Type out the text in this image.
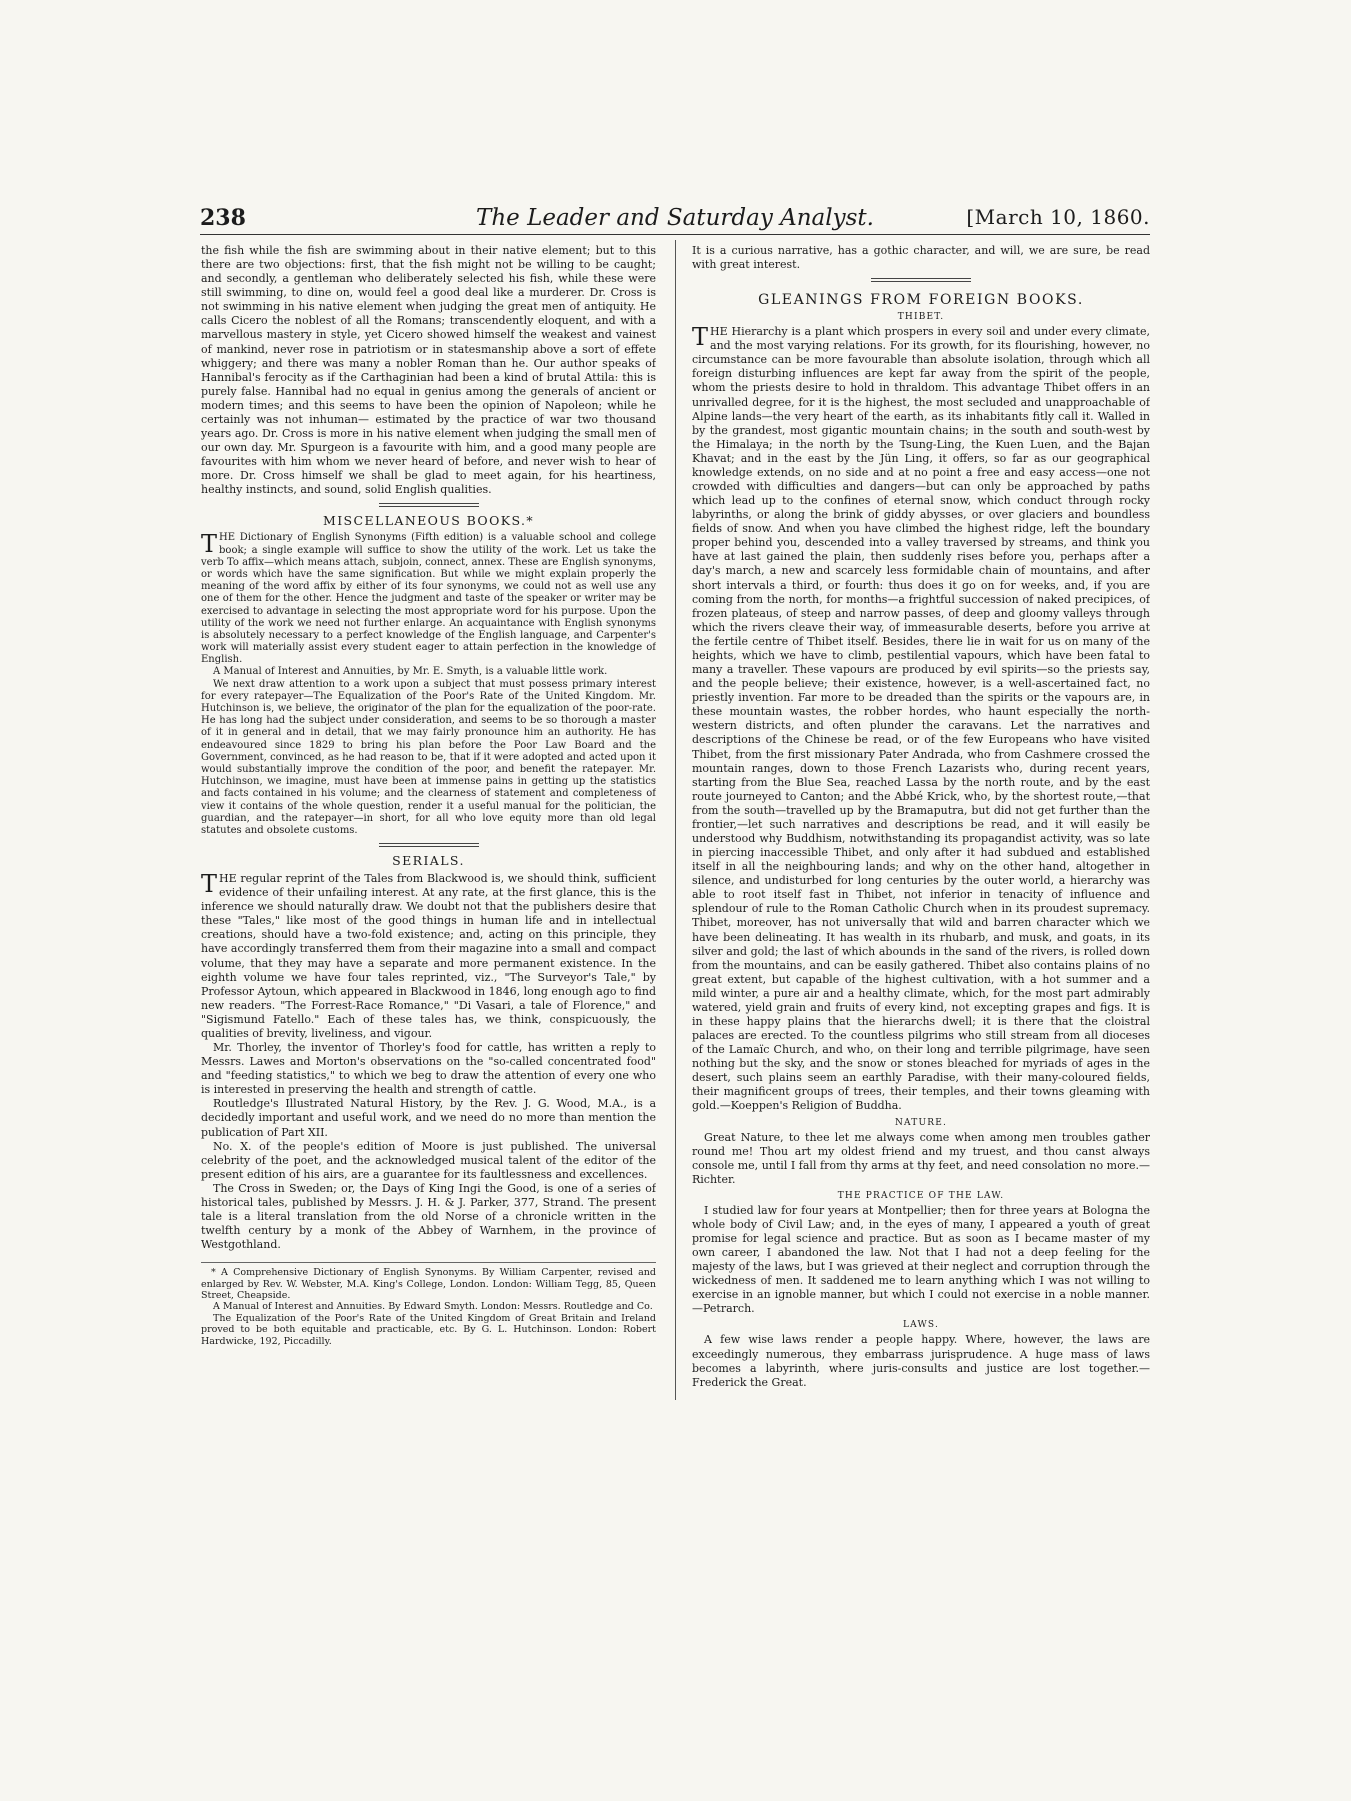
238	The Leader and Saturday Analyst.	[March 10, 1860.

the fish while the fish are swimming about in their native element; but to this there are two objections: first, that the fish might not be willing to be caught; and secondly, a gentleman who deliberately selected his fish, while these were still swimming, to dine on, would feel a good deal like a murderer. Dr. Cross is not swimming in his native element when judging the great men of antiquity. He calls Cicero the noblest of all the Romans; transcendently eloquent, and with a marvellous mastery in style, yet Cicero showed himself the weakest and vainest of mankind, never rose in patriotism or in statesmanship above a sort of effete whiggery; and there was many a nobler Roman than he. Our author speaks of Hannibal's ferocity as if the Carthaginian had been a kind of brutal Attila: this is purely false. Hannibal had no equal in genius among the generals of ancient or modern times; and this seems to have been the opinion of Napoleon; while he certainly was not inhuman— estimated by the practice of war two thousand years ago. Dr. Cross is more in his native element when judging the small men of our own day. Mr. Spurgeon is a favourite with him, and a good many people are favourites with him whom we never heard of before, and never wish to hear of more. Dr. Cross himself we shall be glad to meet again, for his heartiness, healthy instincts, and sound, solid English qualities.

MISCELLANEOUS BOOKS.*

THE Dictionary of English Synonyms (Fifth edition) is a valuable school and college book; a single example will suffice to show the utility of the work. Let us take the verb To affix—which means attach, subjoin, connect, annex. These are English synonyms, or words which have the same signification. But while we might explain properly the meaning of the word affix by either of its four synonyms, we could not as well use any one of them for the other. Hence the judgment and taste of the speaker or writer may be exercised to advantage in selecting the most appropriate word for his purpose. Upon the utility of the work we need not further enlarge. An acquaintance with English synonyms is absolutely necessary to a perfect knowledge of the English language, and Carpenter's work will materially assist every student eager to attain perfection in the knowledge of English.

A Manual of Interest and Annuities, by Mr. E. Smyth, is a valuable little work.

We next draw attention to a work upon a subject that must possess primary interest for every ratepayer—The Equalization of the Poor's Rate of the United Kingdom. Mr. Hutchinson is, we believe, the originator of the plan for the equalization of the poor-rate. He has long had the subject under consideration, and seems to be so thorough a master of it in general and in detail, that we may fairly pronounce him an authority. He has endeavoured since 1829 to bring his plan before the Poor Law Board and the Government, convinced, as he had reason to be, that if it were adopted and acted upon it would substantially improve the condition of the poor, and benefit the ratepayer. Mr. Hutchinson, we imagine, must have been at immense pains in getting up the statistics and facts contained in his volume; and the clearness of statement and completeness of view it contains of the whole question, render it a useful manual for the politician, the guardian, and the ratepayer—in short, for all who love equity more than old legal statutes and obsolete customs.

SERIALS.

THE regular reprint of the Tales from Blackwood is, we should think, sufficient evidence of their unfailing interest. At any rate, at the first glance, this is the inference we should naturally draw. We doubt not that the publishers desire that these "Tales," like most of the good things in human life and in intellectual creations, should have a two-fold existence; and, acting on this principle, they have accordingly transferred them from their magazine into a small and compact volume, that they may have a separate and more permanent existence. In the eighth volume we have four tales reprinted, viz., "The Surveyor's Tale," by Professor Aytoun, which appeared in Blackwood in 1846, long enough ago to find new readers. "The Forrest-Race Romance," "Di Vasari, a tale of Florence," and "Sigismund Fatello." Each of these tales has, we think, conspicuously, the qualities of brevity, liveliness, and vigour.

Mr. Thorley, the inventor of Thorley's food for cattle, has written a reply to Messrs. Lawes and Morton's observations on the "so-called concentrated food" and "feeding statistics," to which we beg to draw the attention of every one who is interested in preserving the health and strength of cattle.

Routledge's Illustrated Natural History, by the Rev. J. G. Wood, M.A., is a decidedly important and useful work, and we need do no more than mention the publication of Part XII.

No. X. of the people's edition of Moore is just published. The universal celebrity of the poet, and the acknowledged musical talent of the editor of the present edition of his airs, are a guarantee for its faultlessness and excellences.

The Cross in Sweden; or, the Days of King Ingi the Good, is one of a series of historical tales, published by Messrs. J. H. & J. Parker, 377, Strand. The present tale is a literal translation from the old Norse of a chronicle written in the twelfth century by a monk of the Abbey of Warnhem, in the province of Westgothland.

* A Comprehensive Dictionary of English Synonyms. By William Carpenter, revised and enlarged by Rev. W. Webster, M.A. King's College, London. London: William Tegg, 85, Queen Street, Cheapside.

A Manual of Interest and Annuities. By Edward Smyth. London: Messrs. Routledge and Co.

The Equalization of the Poor's Rate of the United Kingdom of Great Britain and Ireland proved to be both equitable and practicable, etc. By G. L. Hutchinson. London: Robert Hardwicke, 192, Piccadilly.

It is a curious narrative, has a gothic character, and will, we are sure, be read with great interest.

GLEANINGS FROM FOREIGN BOOKS.
THIBET.

THE Hierarchy is a plant which prospers in every soil and under every climate, and the most varying relations. For its growth, for its flourishing, however, no circumstance can be more favourable than absolute isolation, through which all foreign disturbing influences are kept far away from the spirit of the people, whom the priests desire to hold in thraldom. This advantage Thibet offers in an unrivalled degree, for it is the highest, the most secluded and unapproachable of Alpine lands—the very heart of the earth, as its inhabitants fitly call it. Walled in by the grandest, most gigantic mountain chains; in the south and south-west by the Himalaya; in the north by the Tsung-Ling, the Kuen Luen, and the Bajan Khavat; and in the east by the Jün Ling, it offers, so far as our geographical knowledge extends, on no side and at no point a free and easy access—one not crowded with difficulties and dangers—but can only be approached by paths which lead up to the confines of eternal snow, which conduct through rocky labyrinths, or along the brink of giddy abysses, or over glaciers and boundless fields of snow. And when you have climbed the highest ridge, left the boundary proper behind you, descended into a valley traversed by streams, and think you have at last gained the plain, then suddenly rises before you, perhaps after a day's march, a new and scarcely less formidable chain of mountains, and after short intervals a third, or fourth: thus does it go on for weeks, and, if you are coming from the north, for months—a frightful succession of naked precipices, of frozen plateaus, of steep and narrow passes, of deep and gloomy valleys through which the rivers cleave their way, of immeasurable deserts, before you arrive at the fertile centre of Thibet itself. Besides, there lie in wait for us on many of the heights, which we have to climb, pestilential vapours, which have been fatal to many a traveller. These vapours are produced by evil spirits—so the priests say, and the people believe; their existence, however, is a well-ascertained fact, no priestly invention. Far more to be dreaded than the spirits or the vapours are, in these mountain wastes, the robber hordes, who haunt especially the north-western districts, and often plunder the caravans. Let the narratives and descriptions of the Chinese be read, or of the few Europeans who have visited Thibet, from the first missionary Pater Andrada, who from Cashmere crossed the mountain ranges, down to those French Lazarists who, during recent years, starting from the Blue Sea, reached Lassa by the north route, and by the east route journeyed to Canton; and the Abbé Krick, who, by the shortest route,—that from the south—travelled up by the Bramaputra, but did not get further than the frontier,—let such narratives and descriptions be read, and it will easily be understood why Buddhism, notwithstanding its propagandist activity, was so late in piercing inaccessible Thibet, and only after it had subdued and established itself in all the neighbouring lands; and why on the other hand, altogether in silence, and undisturbed for long centuries by the outer world, a hierarchy was able to root itself fast in Thibet, not inferior in tenacity of influence and splendour of rule to the Roman Catholic Church when in its proudest supremacy. Thibet, moreover, has not universally that wild and barren character which we have been delineating. It has wealth in its rhubarb, and musk, and goats, in its silver and gold; the last of which abounds in the sand of the rivers, is rolled down from the mountains, and can be easily gathered. Thibet also contains plains of no great extent, but capable of the highest cultivation, with a hot summer and a mild winter, a pure air and a healthy climate, which, for the most part admirably watered, yield grain and fruits of every kind, not excepting grapes and figs. It is in these happy plains that the hierarchs dwell; it is there that the cloistral palaces are erected. To the countless pilgrims who still stream from all dioceses of the Lamaïc Church, and who, on their long and terrible pilgrimage, have seen nothing but the sky, and the snow or stones bleached for myriads of ages in the desert, such plains seem an earthly Paradise, with their many-coloured fields, their magnificent groups of trees, their temples, and their towns gleaming with gold.—Koeppen's Religion of Buddha.

NATURE.

Great Nature, to thee let me always come when among men troubles gather round me! Thou art my oldest friend and my truest, and thou canst always console me, until I fall from thy arms at thy feet, and need consolation no more.—Richter.

THE PRACTICE OF THE LAW.

I studied law for four years at Montpellier; then for three years at Bologna the whole body of Civil Law; and, in the eyes of many, I appeared a youth of great promise for legal science and practice. But as soon as I became master of my own career, I abandoned the law. Not that I had not a deep feeling for the majesty of the laws, but I was grieved at their neglect and corruption through the wickedness of men. It saddened me to learn anything which I was not willing to exercise in an ignoble manner, but which I could not exercise in a noble manner.—Petrarch.

LAWS.

A few wise laws render a people happy. Where, however, the laws are exceedingly numerous, they embarrass jurisprudence. A huge mass of laws becomes a labyrinth, where juris-consults and justice are lost together.—Frederick the Great.
